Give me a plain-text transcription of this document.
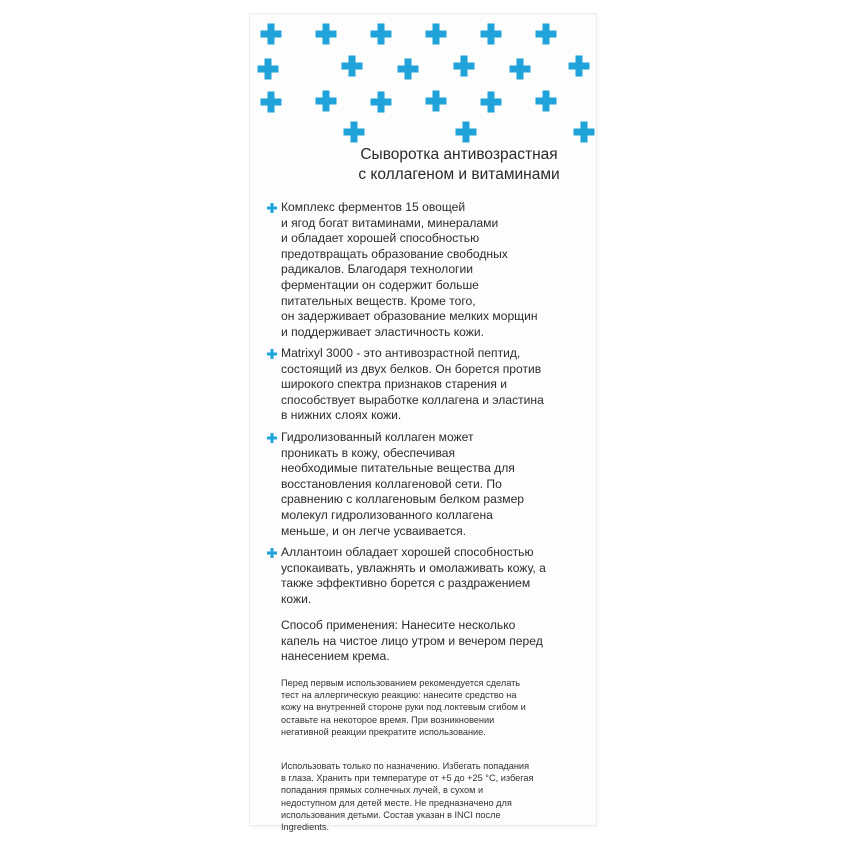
Сыворотка антивозрастная
с коллагеном и витаминами
Комплекс ферментов 15 овощей
и ягод богат витаминами, минералами
и обладает хорошей способностью
предотвращать образование свободных
радикалов. Благодаря технологии
ферментации он содержит больше
питательных веществ. Кроме того,
он задерживает образование мелких морщин
и поддерживает эластичность кожи.
Matrixyl 3000 - это антивозрастной пептид,
состоящий из двух белков. Он борется против
широкого спектра признаков старения и
способствует выработке коллагена и эластина
в нижних слоях кожи.
Гидролизованный коллаген может
проникать в кожу, обеспечивая
необходимые питательные вещества для
восстановления коллагеновой сети. По
сравнению с коллагеновым белком размер
молекул гидролизованного коллагена
меньше, и он легче усваивается.
Аллантоин обладает хорошей способностью
успокаивать, увлажнять и омолаживать кожу, а
также эффективно борется с раздражением
кожи.
Способ применения: Нанесите несколько
капель на чистое лицо утром и вечером перед
нанесением крема.
Перед первым использованием рекомендуется сделать
тест на аллергическую реакцию: нанесите средство на
кожу на внутренней стороне руки под локтевым сгибом и
оставьте на некоторое время. При возникновении
негативной реакции прекратите использование.
Использовать только по назначению. Избегать попадания
в глаза. Хранить при температуре от +5 до +25 °С, избегая
попадания прямых солнечных лучей, в сухом и
недоступном для детей месте. Не предназначено для
использования детьми. Состав указан в INCI после
Ingredients.
